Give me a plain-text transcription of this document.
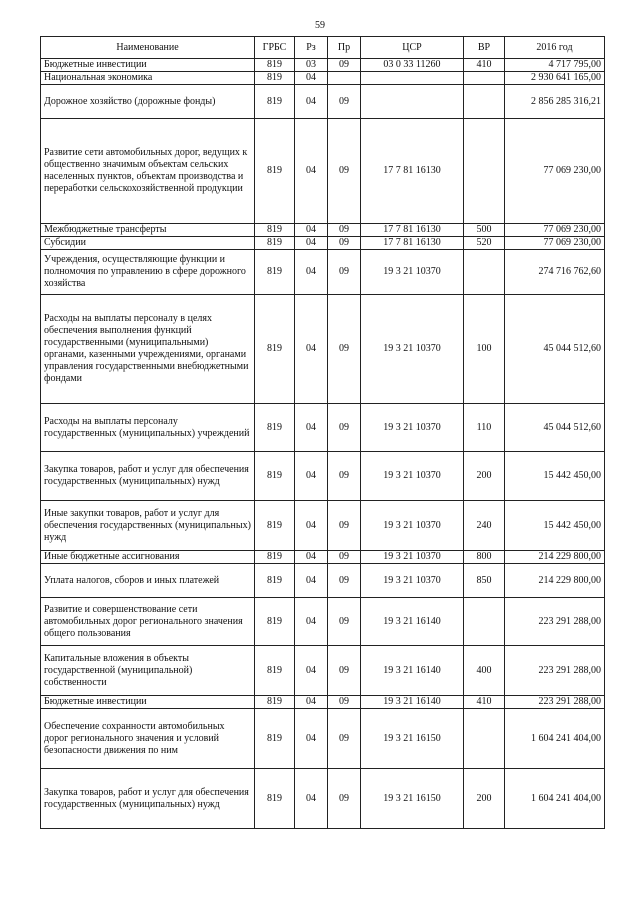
59
Наименование	ГРБС	Рз	Пр	ЦСР	ВР	2016 год
Бюджетные инвестиции	819	03	09	03 0 33 11260	410	4 717 795,00
Национальная экономика	819	04				2 930 641 165,00
Дорожное хозяйство (дорожные фонды)	819	04	09			2 856 285 316,21
Развитие сети автомобильных дорог, ведущих к общественно значимым объектам сельских населенных пунктов, объектам производства и переработки сельскохозяйственной продукции	819	04	09	17 7 81 16130		77 069 230,00
Межбюджетные трансферты	819	04	09	17 7 81 16130	500	77 069 230,00
Субсидии	819	04	09	17 7 81 16130	520	77 069 230,00
Учреждения, осуществляющие функции и полномочия по управлению в сфере дорожного хозяйства	819	04	09	19 3 21 10370		274 716 762,60
Расходы на выплаты персоналу в целях обеспечения выполнения функций государственными (муниципальными) органами, казенными учреждениями, органами управления государственными внебюджетными фондами	819	04	09	19 3 21 10370	100	45 044 512,60
Расходы на выплаты персоналу государственных (муниципальных) учреждений	819	04	09	19 3 21 10370	110	45 044 512,60
Закупка товаров, работ и услуг для обеспечения государственных (муниципальных) нужд	819	04	09	19 3 21 10370	200	15 442 450,00
Иные закупки товаров, работ и услуг для обеспечения государственных (муниципальных) нужд	819	04	09	19 3 21 10370	240	15 442 450,00
Иные бюджетные ассигнования	819	04	09	19 3 21 10370	800	214 229 800,00
Уплата налогов, сборов и иных платежей	819	04	09	19 3 21 10370	850	214 229 800,00
Развитие и совершенствование сети автомобильных дорог регионального значения общего пользования	819	04	09	19 3 21 16140		223 291 288,00
Капитальные вложения в объекты государственной (муниципальной) собственности	819	04	09	19 3 21 16140	400	223 291 288,00
Бюджетные инвестиции	819	04	09	19 3 21 16140	410	223 291 288,00
Обеспечение сохранности автомобильных дорог регионального значения и условий безопасности движения по ним	819	04	09	19 3 21 16150		1 604 241 404,00
Закупка товаров, работ и услуг для обеспечения государственных (муниципальных) нужд	819	04	09	19 3 21 16150	200	1 604 241 404,00
